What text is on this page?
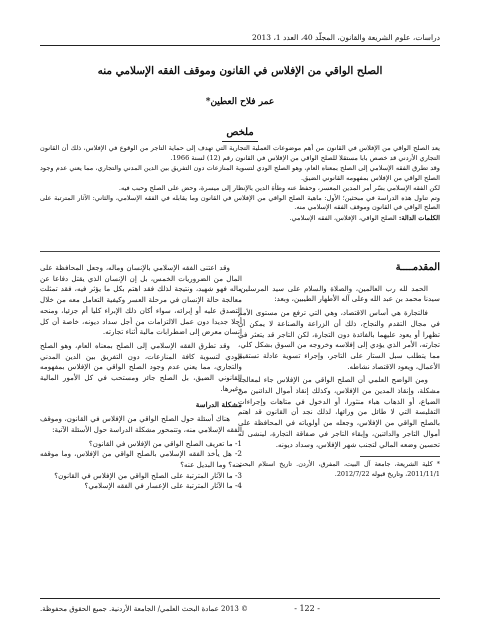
دراسات، علوم الشريعة والقانون، المجلّد 40، العدد 1، 2013
الصلح الواقي من الإفلاس في القانون وموقف الفقه الإسلامي منه
عمر فلاح العطين*
ملخص

يعد الصلح الواقي من الإفلاس في القانون من أهم موضوعات العملية التجارية التي تهدف إلى حماية التاجر من الوقوع في الإفلاس، ذلك أن القانون التجاري الأردني قد خصص بابا مستقلا للصلح الواقي من الإفلاس في القانون رقم (12) لسنة 1966.

وقد تطرق الفقه الإسلامي إلى الصلح بمعناه العام، وهو الصلح الودي لتسوية المنازعات دون التفريق بين الدين المدني والتجاري، مما يعني عدم وجود الصلح الواقي من الإفلاس بمفهومه القانوني الضيق.

لكن الفقه الإسلامي بسّر أمر المدين المعسر، وحفظ عنه وطأة الدين بالإنظار إلى ميسرة، وحض على الصلح وحبب فيه.

وتم تناول هذه الدراسة في مبحثين؛ الأول: ماهية الصلح الواقي من الإفلاس في القانون وما يقابله في الفقه الإسلامي، والثاني: الآثار المترتبة على الصلح الواقي في القانون وموقف الفقه الإسلامي منه.

الكلمات الدالة: الصلح الواقي، الإفلاس، الفقه الإسلامي.

المقدمــــة

الحمد لله رب العالمين، والصلاة والسلام على سيد المرسلين، سيدنا محمد بن عبد الله وعلى آله الأطهار الطيبين، وبعد:

فالتجارة هي أساس الاقتصاد، وهي التي ترفع من مستوى الأمم في مجال التقدم والنجاح، ذلك أن الزراعة والصناعة لا يمكن أن تظهرا أو يعود عليهما بالفائدة دون التجارة، لكن التاجر قد يتعثر في تجارته، الأمر الذي يؤدي إلى إفلاسه وخروجه من السوق بشكل كلي، مما يتطلب سبل الستار على التاجر، وإجراء تسوية عادلة تستقيم الأعمال، ويعود الاقتصاد نشاطه.

ومن الواضح العلمي أن الصلح الواقي من الإفلاس جاء لمعالجة مشكلة، وإنقاذ المدين من الإفلاس، وكذلك إنقاذ أموال الدائنين من الضياع، أو الذهاب هباء منثورا، أو الدخول في متاهات وإجراءات التفليسة التي لا طائل من ورائها، لذلك نجد أن القانون قد اهتم بالصلح الواقي من الإفلاس، وجعله من أولوياته في المحافظة على أموال التاجر والدائنين، وإبقاء التاجر في صفاقة التجارة، لينشى له تحسين وضعه المالي لتجنب شهر الإفلاس، وسداد ديونه.

* كلية الشريعة، جامعة آل البيت، المفرق، الأردن. تاريخ استلام البحث 2011/11/1، وتاريخ قبوله 2012/7/22.

وقد اعتنى الفقه الإسلامي بالإنسان وماله، وجعل المحافظة على المال من الضروريات الخمس، بل إن الإنسان الذي يقتل دفاعا عن ماله فهو شهيد، ونتيجة لذلك فقد اهتم بكل ما يؤثر فيه، فقد تمثلت معالجة حالة الإنسان في مرحلة العسر وكيفية التعامل معه من خلال التصدق عليه أو إبرائه، سواء أكان ذلك الإبراء كليا أم جزئيا، ومنحه أجلا جديدا دون عمل الالتزامات من أجل سداد ديونه، خاصة أن كل إنسان معرض إلى اضطرابات مالية أثناء تجارته.

وقد تطرق الفقه الإسلامي إلى الصلح بمعناه العام، وهو الصلح الودي لتسوية كافة المنازعات، دون التفريق بين الدين المدني والتجاري، مما يعني عدم وجود الصلح الواقي من الإفلاس بمفهومه القانوني الضيق، بل الصلح جائز ومستحب في كل الأمور المالية وغيرها.

مشكلة الدراسة

هناك أسئلة حول الصلح الواقي من الإفلاس في القانون، وموقف الفقه الإسلامي منه، وتتمحور مشكلة الدراسة حول الأسئلة الآتية:

1- ما تعريف الصلح الواقي من الإفلاس في القانون؟

2- هل يأخذ الفقه الإسلامي بالصلح الواقي من الإفلاس، وما موقفه منه؟ وما البديل عنه؟

3- ما الآثار المترتبة على الصلح الواقي من الإفلاس في القانون؟

4- ما الآثار المترتبة على الإعسار في الفقه الإسلامي؟

- 122 -
© 2013 عمادة البحث العلمي/ الجامعة الأردنية. جميع الحقوق محفوظة.
